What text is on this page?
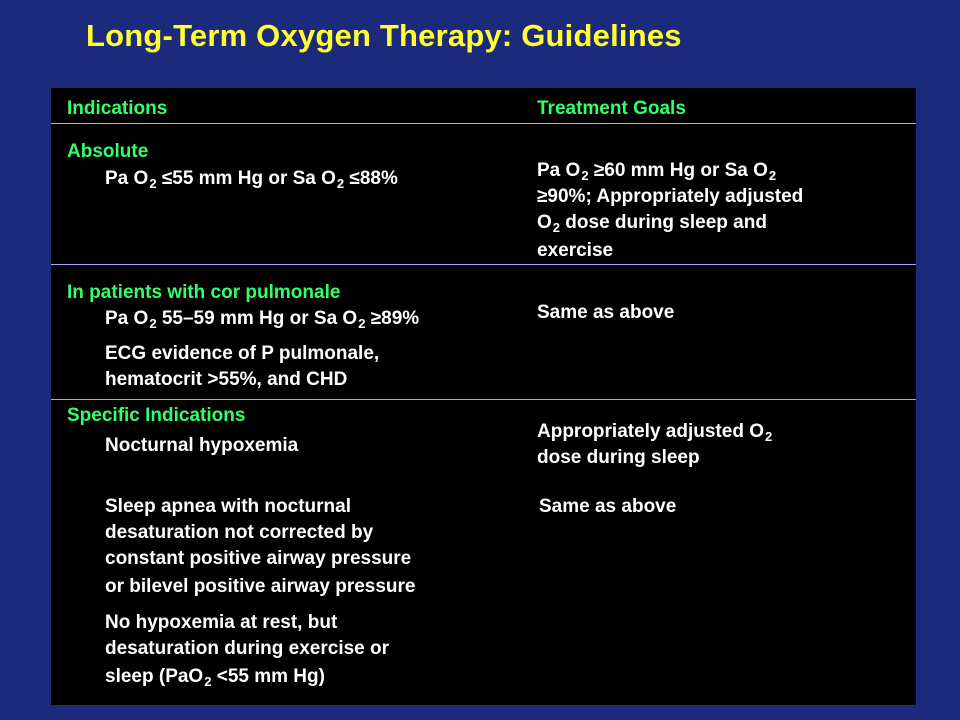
Long-Term Oxygen Therapy: Guidelines
Indications	Treatment Goals
Absolute
Pa $O_2 \le 55$ mm Hg or Sa $O_2 \le 88\%$	Pa $O_2 \ge 60$ mm Hg or Sa $O_2$
≥90%; Appropriately adjusted
$O_2$ dose during sleep and
exercise
In patients with cor pulmonale
Pa $O_2$ 55–59 mm Hg or Sa $O_2 \ge 89\%$
ECG evidence of P pulmonale,
hematocrit >55%, and CHD
Same as above
Specific Indications
Nocturnal hypoxemia
Appropriately adjusted $O_2$
dose during sleep
Sleep apnea with nocturnal
desaturation not corrected by
constant positive airway pressure
or bilevel positive airway pressure
Same as above
No hypoxemia at rest, but
desaturation during exercise or
sleep (PaO$_2$ <55 mm Hg)
